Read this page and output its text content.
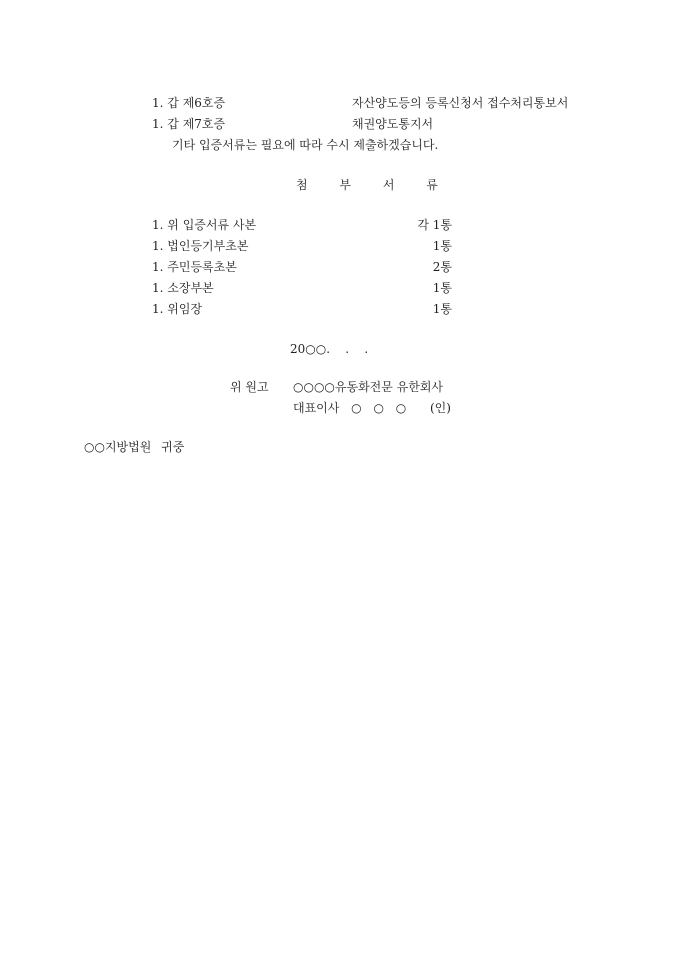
1. 갑 제6호증	자산양도등의 등록신청서 접수처리통보서
1. 갑 제7호증	채권양도통지서
기타 입증서류는 필요에 따라 수시 제출하겠습니다.
첨 부 서 류
1. 위 입증서류 사본	각 1통
1. 법인등기부초본	1통
1. 주민등록초본	2통
1. 소장부본	1통
1. 위임장	1통
20○○.    .    .
위 원고 ○○○○유동화전문 유한회사
대표이사 ○ ○ ○ (인)
○○지방법원 귀중
